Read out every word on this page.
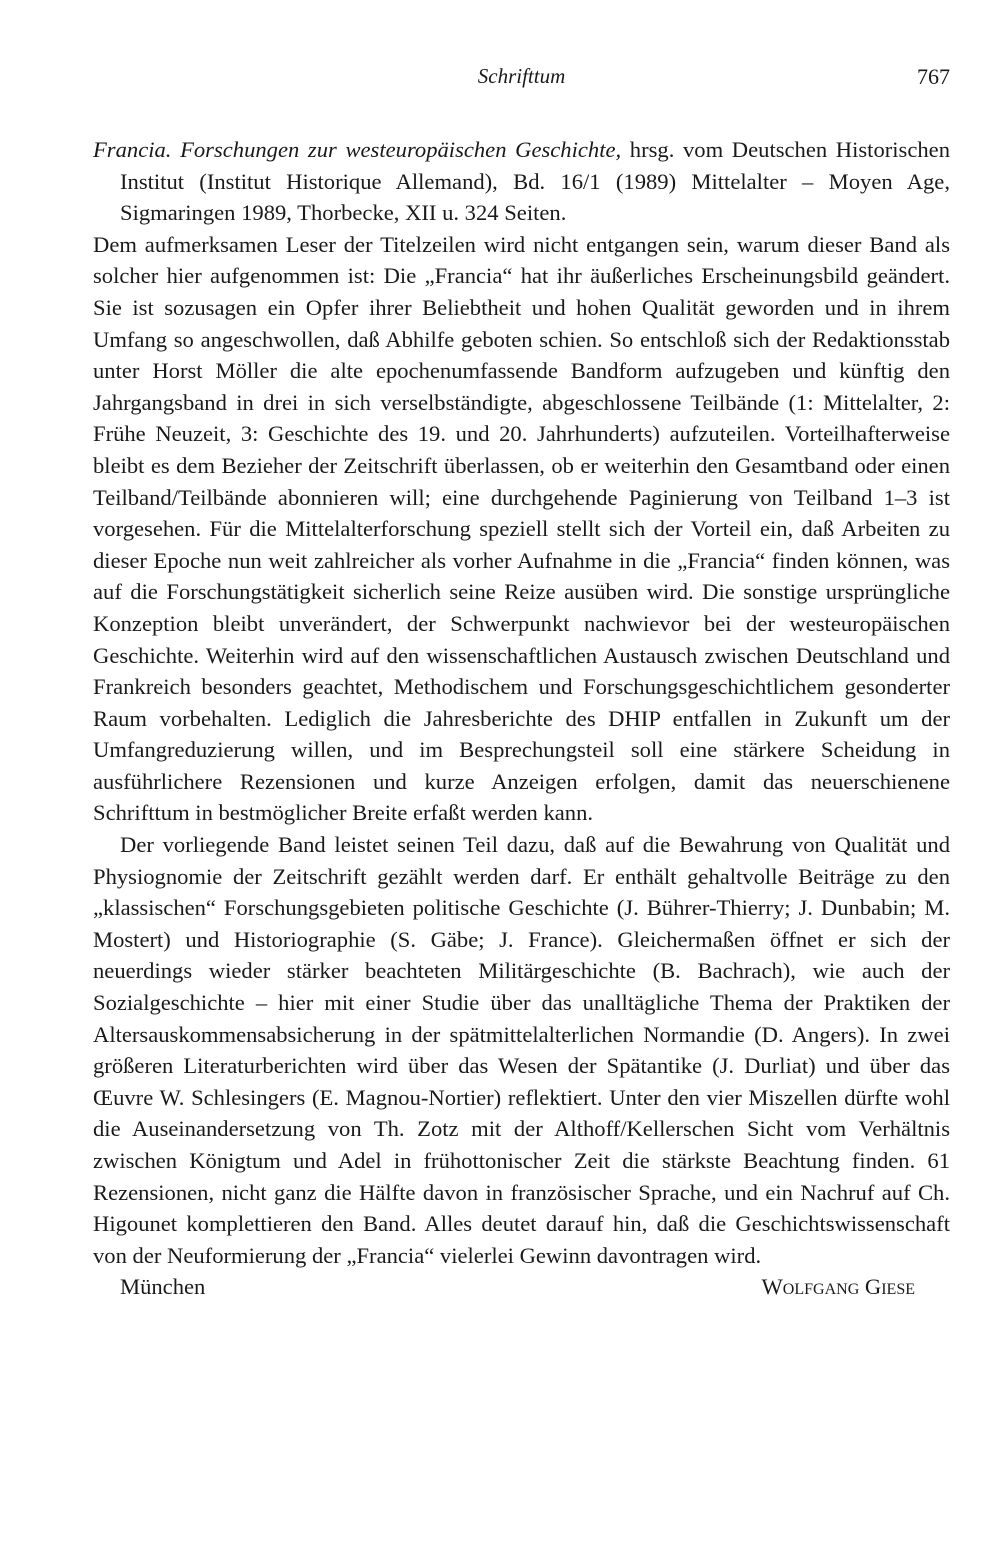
Schrifttum	767

Francia. Forschungen zur westeuropäischen Geschichte, hrsg. vom Deutschen Historischen Institut (Institut Historique Allemand), Bd. 16/1 (1989) Mittelalter – Moyen Age, Sigmaringen 1989, Thorbecke, XII u. 324 Seiten.

Dem aufmerksamen Leser der Titelzeilen wird nicht entgangen sein, warum dieser Band als solcher hier aufgenommen ist: Die „Francia“ hat ihr äußerliches Erscheinungsbild geändert. Sie ist sozusagen ein Opfer ihrer Beliebtheit und hohen Qualität geworden und in ihrem Umfang so angeschwollen, daß Abhilfe geboten schien. So entschloß sich der Redaktionsstab unter Horst Möller die alte epochenumfassende Bandform aufzugeben und künftig den Jahrgangsband in drei in sich verselbständigte, abgeschlossene Teilbände (1: Mittelalter, 2: Frühe Neuzeit, 3: Geschichte des 19. und 20. Jahrhunderts) aufzuteilen. Vorteilhafterweise bleibt es dem Bezieher der Zeitschrift überlassen, ob er weiterhin den Gesamtband oder einen Teilband/Teilbände abonnieren will; eine durchgehende Paginierung von Teilband 1–3 ist vorgesehen. Für die Mittelalterforschung speziell stellt sich der Vorteil ein, daß Arbeiten zu dieser Epoche nun weit zahlreicher als vorher Aufnahme in die „Francia“ finden können, was auf die Forschungstätigkeit sicherlich seine Reize ausüben wird. Die sonstige ursprüngliche Konzeption bleibt unverändert, der Schwerpunkt nachwievor bei der westeuropäischen Geschichte. Weiterhin wird auf den wissenschaftlichen Austausch zwischen Deutschland und Frankreich besonders geachtet, Methodischem und Forschungsgeschichtlichem gesonderter Raum vorbehalten. Lediglich die Jahresberichte des DHIP entfallen in Zukunft um der Umfangreduzierung willen, und im Besprechungsteil soll eine stärkere Scheidung in ausführlichere Rezensionen und kurze Anzeigen erfolgen, damit das neuerschienene Schrifttum in bestmöglicher Breite erfaßt werden kann.

Der vorliegende Band leistet seinen Teil dazu, daß auf die Bewahrung von Qualität und Physiognomie der Zeitschrift gezählt werden darf. Er enthält gehaltvolle Beiträge zu den „klassischen“ Forschungsgebieten politische Geschichte (J. Bührer-Thierry; J. Dunbabin; M. Mostert) und Historiographie (S. Gäbe; J. France). Gleichermaßen öffnet er sich der neuerdings wieder stärker beachteten Militärgeschichte (B. Bachrach), wie auch der Sozialgeschichte – hier mit einer Studie über das unalltägliche Thema der Praktiken der Altersauskommensabsicherung in der spätmittelalterlichen Normandie (D. Angers). In zwei größeren Literaturberichten wird über das Wesen der Spätantike (J. Durliat) und über das Œuvre W. Schlesingers (E. Magnou-Nortier) reflektiert. Unter den vier Miszellen dürfte wohl die Auseinandersetzung von Th. Zotz mit der Althoff/Kellerschen Sicht vom Verhältnis zwischen Königtum und Adel in frühottonischer Zeit die stärkste Beachtung finden. 61 Rezensionen, nicht ganz die Hälfte davon in französischer Sprache, und ein Nachruf auf Ch. Higounet komplettieren den Band. Alles deutet darauf hin, daß die Geschichtswissenschaft von der Neuformierung der „Francia“ vielerlei Gewinn davontragen wird.

München	Wolfgang Giese
